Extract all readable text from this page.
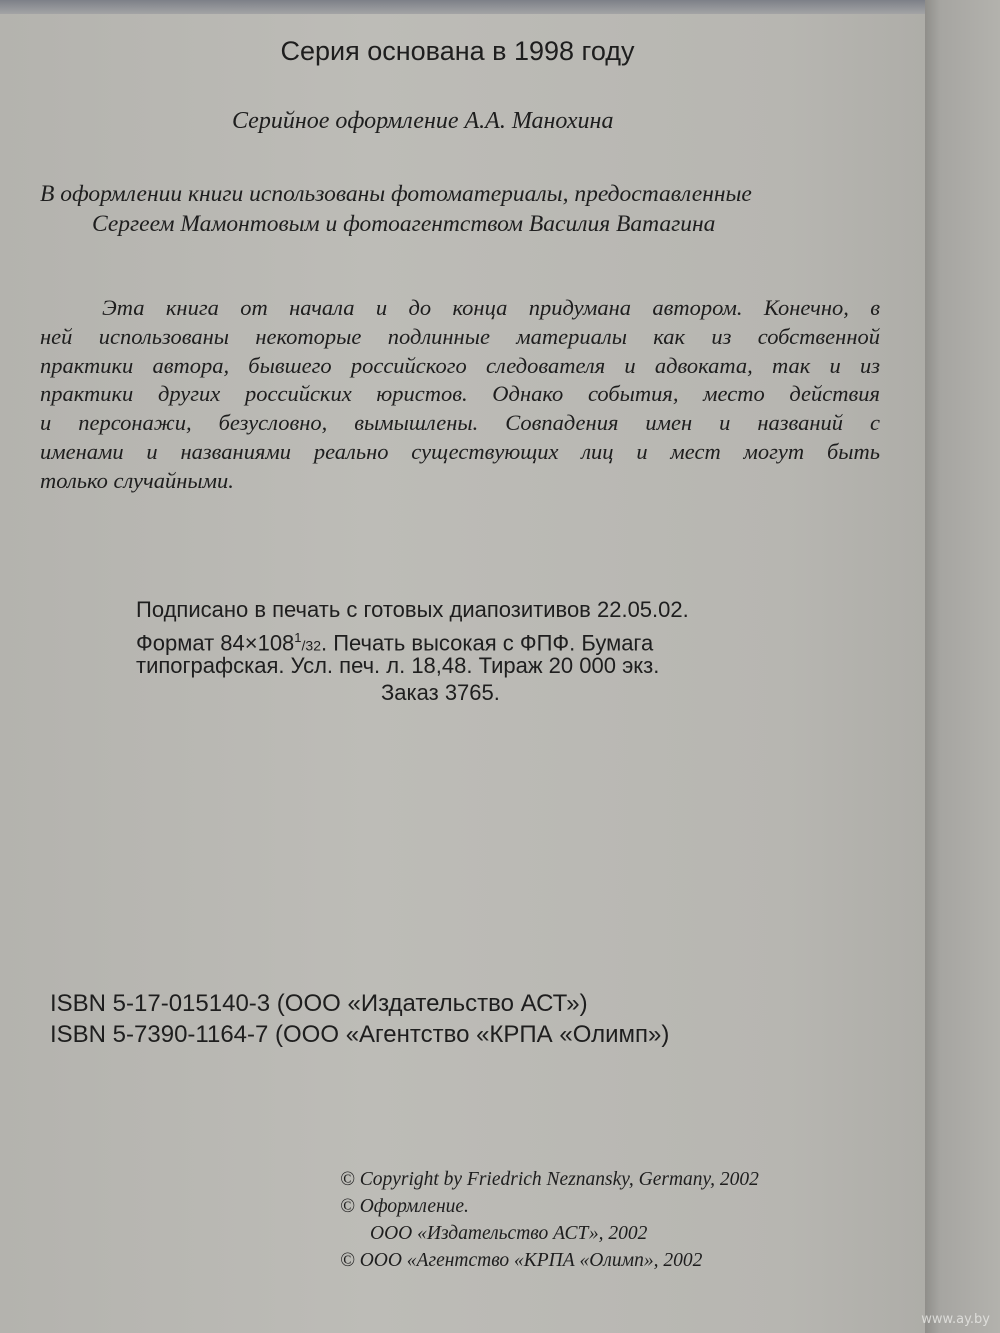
Серия основана в 1998 году
Серийное оформление А.А. Манохина
В оформлении книги использованы фотоматериалы, предоставленные
Сергеем Мамонтовым и фотоагентством Василия Ватагина
Эта книга от начала и до конца придумана автором. Конечно, в
ней использованы некоторые подлинные материалы как из собственной
практики автора, бывшего российского следователя и адвоката, так и из
практики других российских юристов. Однако события, место действия
и персонажи, безусловно, вымышлены. Совпадения имен и названий с
именами и названиями реально существующих лиц и мест могут быть
только случайными.
Подписано в печать с готовых диапозитивов 22.05.02.
Формат $84\times 108^1/32$. Печать высокая с ФПФ. Бумага
типографская. Усл. печ. л. 18,48. Тираж 20 000 экз.
Заказ 3765.
ISBN 5-17-015140-3 (ООО «Издательство АСТ»)
ISBN 5-7390-1164-7 (ООО «Агентство «КРПА «Олимп»)
© Copyright by Friedrich Neznansky, Germany, 2002
© Оформление.
ООО «Издательство АСТ», 2002
© ООО «Агентство «КРПА «Олимп», 2002
www.ay.by
